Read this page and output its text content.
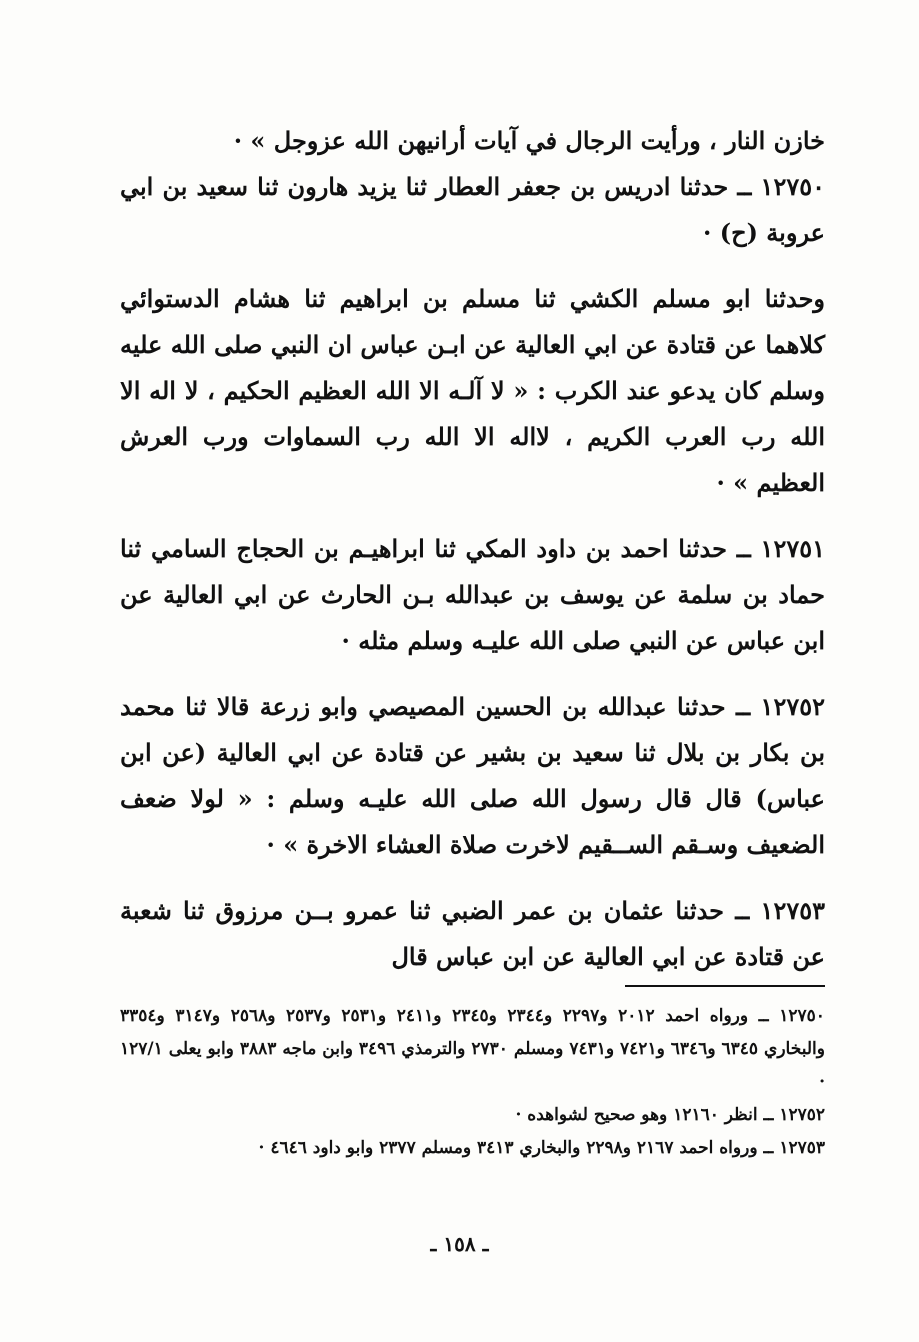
خازن النار ، ورأيت الرجال في آيات أرانيهن الله عزوجل » ·

١٢٧٥٠ ــ حدثنا ادريس بن جعفر العطار ثنا يزيد هارون ثنا سعيد بن ابي عروبة (ح) ·

وحدثنا ابو مسلم الكشي ثنا مسلم بن ابراهيم ثنا هشام الدستوائي كلاهما عن قتادة عن ابي العالية عن ابـن عباس ان النبي صلى الله عليه وسلم كان يدعو عند الكرب : « لا آلـه الا الله العظيم الحكيم ، لا اله الا الله رب العرب الكريم ، لااله الا الله رب السماوات ورب العرش العظيم » ·

١٢٧٥١ ــ حدثنا احمد بن داود المكي ثنا ابراهيـم بن الحجاج السامي ثنا حماد بن سلمة عن يوسف بن عبدالله بـن الحارث عن ابي العالية عن ابن عباس عن النبي صلى الله عليـه وسلم مثله ·

١٢٧٥٢ ــ حدثنا عبدالله بن الحسين المصيصي وابو زرعة قالا ثنا محمد بن بكار بن بلال ثنا سعيد بن بشير عن قتادة عن ابي العالية (عن ابن عباس) قال قال رسول الله صلى الله عليـه وسلم : « لولا ضعف الضعيف وسـقم الســقيم لاخرت صلاة العشاء الاخرة » ·

١٢٧٥٣ ــ حدثنا عثمان بن عمر الضبي ثنا عمرو بــن مرزوق ثنا شعبة عن قتادة عن ابي العالية عن ابن عباس قال

١٢٧٥٠ ــ ورواه احمد ٢٠١٢ و٢٢٩٧ و٢٣٤٤ و٢٣٤٥ و٢٤١١ و٢٥٣١ و٢٥٣٧ و٢٥٦٨ و٣١٤٧ و٣٣٥٤ والبخاري ٦٣٤٥ و٦٣٤٦ و٧٤٢١ و٧٤٣١ ومسلم ٢٧٣٠ والترمذي ٣٤٩٦ وابن ماجه ٣٨٨٣ وابو يعلى ١٢٧/١ ·

١٢٧٥٢ ــ انظر ١٢١٦٠ وهو صحيح لشواهده ·

١٢٧٥٣ ــ ورواه احمد ٢١٦٧ و٢٢٩٨ والبخاري ٣٤١٣ ومسلم ٢٣٧٧ وابو داود ٤٦٤٦ ·

ـ ١٥٨ ـ
